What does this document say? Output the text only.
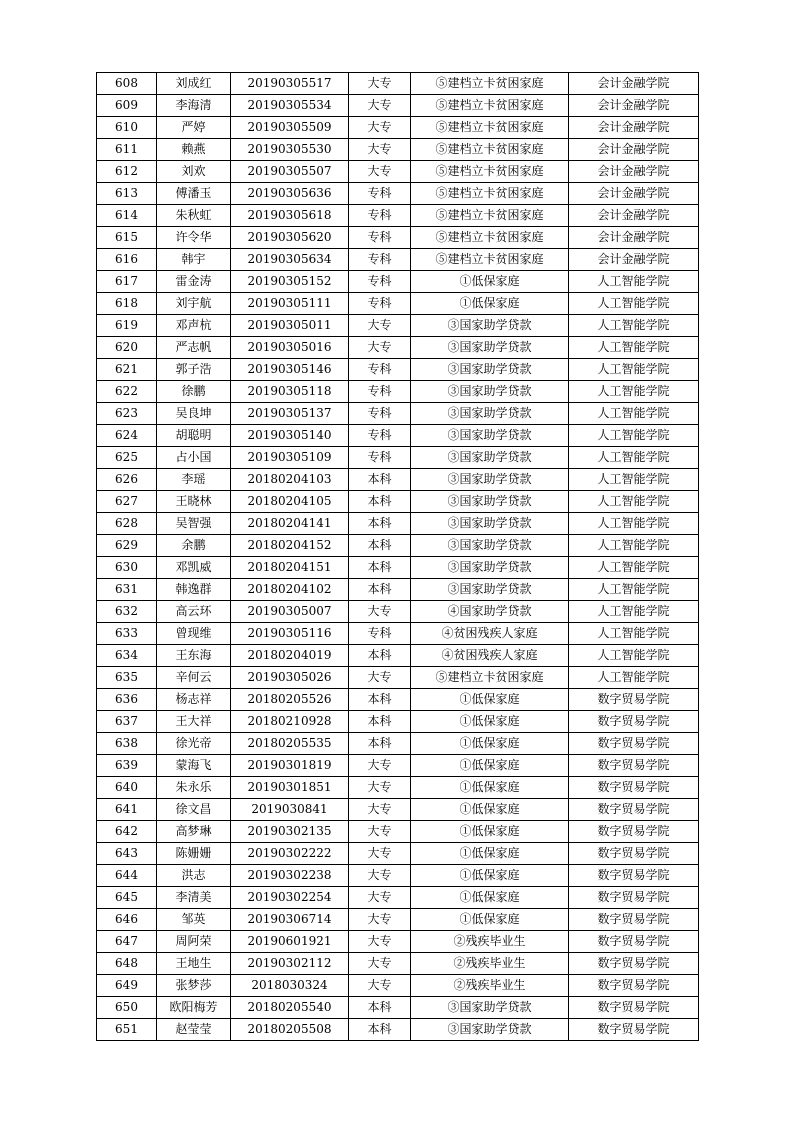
608	刘成红	20190305517	大专	⑤建档立卡贫困家庭	会计金融学院
609	李海清	20190305534	大专	⑤建档立卡贫困家庭	会计金融学院
610	严婷	20190305509	大专	⑤建档立卡贫困家庭	会计金融学院
611	赖燕	20190305530	大专	⑤建档立卡贫困家庭	会计金融学院
612	刘欢	20190305507	大专	⑤建档立卡贫困家庭	会计金融学院
613	傅潘玉	20190305636	专科	⑤建档立卡贫困家庭	会计金融学院
614	朱秋虹	20190305618	专科	⑤建档立卡贫困家庭	会计金融学院
615	许令华	20190305620	专科	⑤建档立卡贫困家庭	会计金融学院
616	韩宇	20190305634	专科	⑤建档立卡贫困家庭	会计金融学院
617	雷金涛	20190305152	专科	①低保家庭	人工智能学院
618	刘宇航	20190305111	专科	①低保家庭	人工智能学院
619	邓声杭	20190305011	大专	③国家助学贷款	人工智能学院
620	严志帆	20190305016	大专	③国家助学贷款	人工智能学院
621	郭子浩	20190305146	专科	③国家助学贷款	人工智能学院
622	徐鹏	20190305118	专科	③国家助学贷款	人工智能学院
623	吴良坤	20190305137	专科	③国家助学贷款	人工智能学院
624	胡聪明	20190305140	专科	③国家助学贷款	人工智能学院
625	占小国	20190305109	专科	③国家助学贷款	人工智能学院
626	李瑶	20180204103	本科	③国家助学贷款	人工智能学院
627	王晓林	20180204105	本科	③国家助学贷款	人工智能学院
628	吴智强	20180204141	本科	③国家助学贷款	人工智能学院
629	余鹏	20180204152	本科	③国家助学贷款	人工智能学院
630	邓凯威	20180204151	本科	③国家助学贷款	人工智能学院
631	韩逸群	20180204102	本科	③国家助学贷款	人工智能学院
632	高云环	20190305007	大专	④国家助学贷款	人工智能学院
633	曾现维	20190305116	专科	④贫困残疾人家庭	人工智能学院
634	王东海	20180204019	本科	④贫困残疾人家庭	人工智能学院
635	辛何云	20190305026	大专	⑤建档立卡贫困家庭	人工智能学院
636	杨志祥	20180205526	本科	①低保家庭	数字贸易学院
637	王大祥	20180210928	本科	①低保家庭	数字贸易学院
638	徐光帝	20180205535	本科	①低保家庭	数字贸易学院
639	蒙海飞	20190301819	大专	①低保家庭	数字贸易学院
640	朱永乐	20190301851	大专	①低保家庭	数字贸易学院
641	徐文昌	2019030841	大专	①低保家庭	数字贸易学院
642	高梦琳	20190302135	大专	①低保家庭	数字贸易学院
643	陈姗姗	20190302222	大专	①低保家庭	数字贸易学院
644	洪志	20190302238	大专	①低保家庭	数字贸易学院
645	李清美	20190302254	大专	①低保家庭	数字贸易学院
646	邹英	20190306714	大专	①低保家庭	数字贸易学院
647	周阿荣	20190601921	大专	②残疾毕业生	数字贸易学院
648	王地生	20190302112	大专	②残疾毕业生	数字贸易学院
649	张梦莎	2018030324	大专	②残疾毕业生	数字贸易学院
650	欧阳梅芳	20180205540	本科	③国家助学贷款	数字贸易学院
651	赵莹莹	20180205508	本科	③国家助学贷款	数字贸易学院
